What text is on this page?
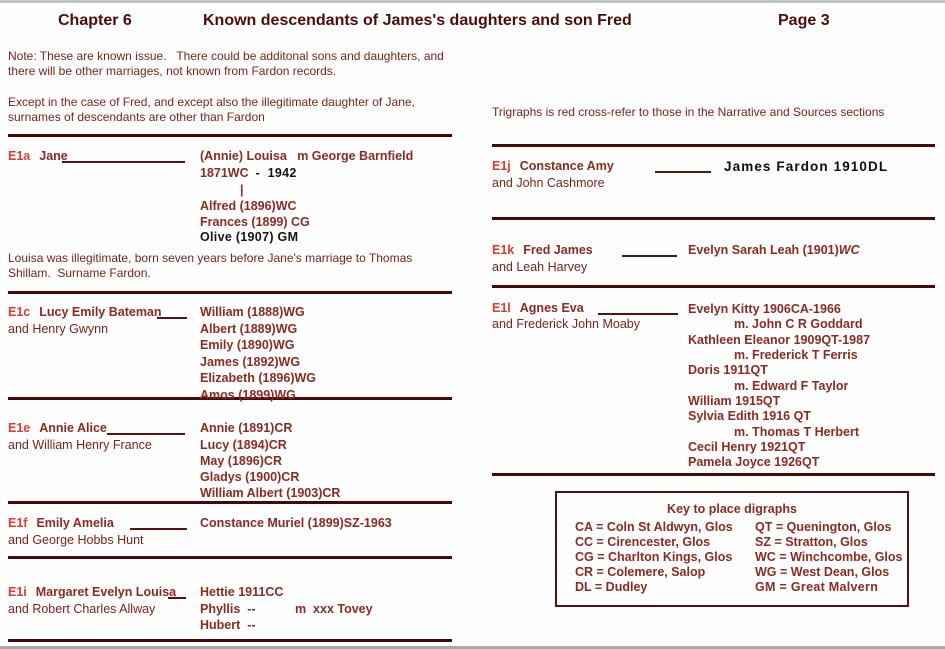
Chapter 6	Known descendants of James's daughters and son Fred	Page 3
Note: These are known issue.   There could be additonal sons and daughters, and
there will be other marriages, not known from Fardon records.
Except in the case of Fred, and except also the illegitimate daughter of Jane,
surnames of descendants are other than Fardon	Trigraphs is red cross-refer to those in the Narrative and Sources sections
E1a Jane	(Annie) Louisa   m George Barnfield
1871WC -  1942
|
Alfred (1896)WC
Frances (1899) CG
Olive (1907) GM
Louisa was illegitimate, born seven years before Jane's marriage to Thomas
Shillam.  Surname Fardon.
E1c Lucy Emily Bateman
and Henry Gwynn
William (1888)WG
Albert (1889)WG
Emily (1890)WG
James (1892)WG
Elizabeth (1896)WG
Amos (1899)WG
E1e Annie Alice
and William Henry France
Annie (1891)CR
Lucy (1894)CR
May (1896)CR
Gladys (1900)CR
William Albert (1903)CR
E1f Emily Amelia
and George Hobbs Hunt
Constance Muriel (1899)SZ-1963
E1i Margaret Evelyn Louisa
and Robert Charles Allway
Hettie 1911CC
Phyllis  --	m  xxx Tovey
Hubert  --
E1j Constance Amy	James Fardon 1910DL
and John Cashmore
E1k Fred James	Evelyn Sarah Leah (1901)WC
and Leah Harvey
E1l Agnes Eva
and Frederick John Moaby
Evelyn Kitty 1906CA-1966
m. John C R Goddard
Kathleen Eleanor 1909QT-1987
m. Frederick T Ferris
Doris 1911QT
m. Edward F Taylor
William 1915QT
Sylvia Edith 1916 QT
m. Thomas T Herbert
Cecil Henry 1921QT
Pamela Joyce 1926QT
Key to place digraphs
CA = Coln St Aldwyn, Glos
CC = Cirencester, Glos
CG = Charlton Kings, Glos
CR = Colemere, Salop
DL = Dudley
QT = Quenington, Glos
SZ = Stratton, Glos
WC = Winchcombe, Glos
WG = West Dean, Glos
GM = Great Malvern
